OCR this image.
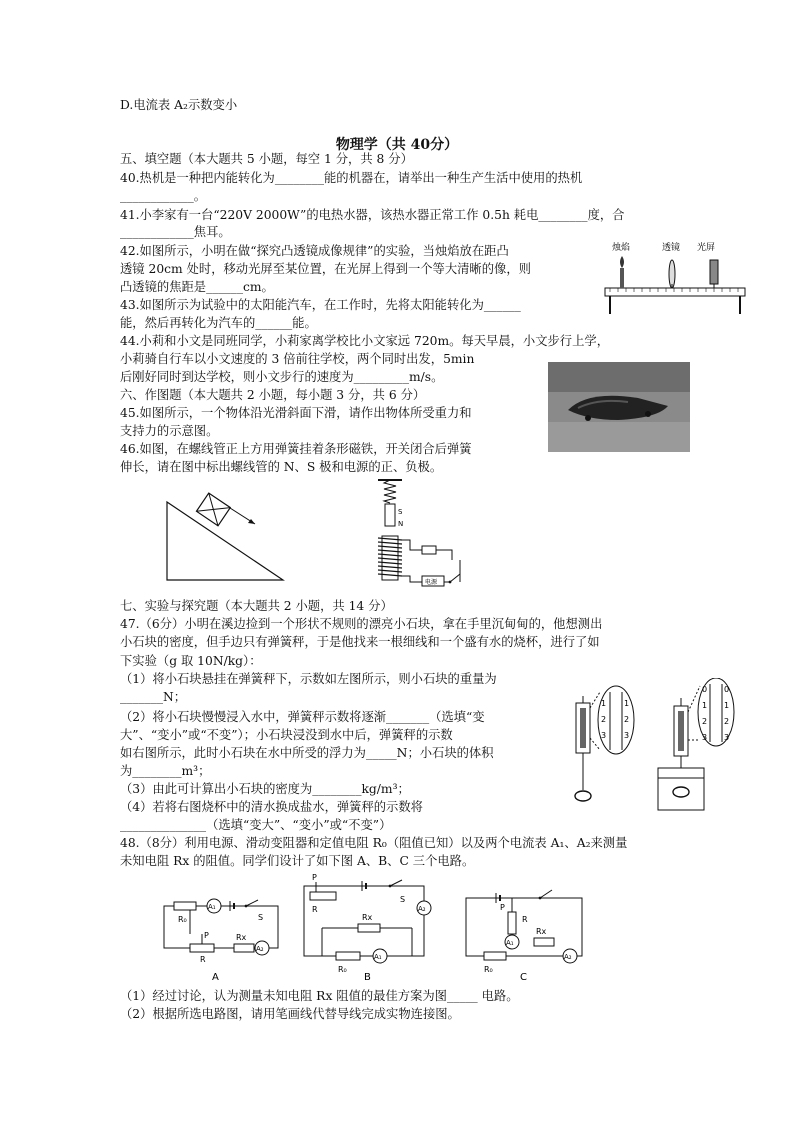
D.电流表 A₂示数变小
物理学（共 40分）
五、填空题（本大题共 5 小题，每空 1 分，共 8 分）
40.热机是一种把内能转化为________能的机器在，请举出一种生产生活中使用的热机
____________。
41.小李家有一台“220V 2000W”的电热水器，该热水器正常工作 0.5h 耗电________度，合
____________焦耳。
42.如图所示，小明在做“探究凸透镜成像规律”的实验，当烛焰放在距凸
透镜 20cm 处时，移动光屏至某位置，在光屏上得到一个等大清晰的像，则
凸透镜的焦距是______cm。
43.如图所示为试验中的太阳能汽车，在工作时，先将太阳能转化为______
能，然后再转化为汽车的______能。
44.小莉和小文是同班同学，小莉家离学校比小文家远 720m。每天早晨，小文步行上学，
小莉骑自行车以小文速度的 3 倍前往学校，两个同时出发，5min
后刚好同时到达学校，则小文步行的速度为_________m/s。
六、作图题（本大题共 2 小题，每小题 3 分，共 6 分）
45.如图所示，一个物体沿光滑斜面下滑，请作出物体所受重力和
支持力的示意图。
46.如图，在螺线管正上方用弹簧挂着条形磁铁，开关闭合后弹簧
伸长，请在图中标出螺线管的 N、S 极和电源的正、负极。
七、实验与探究题（本大题共 2 小题，共 14 分）
47.（6分）小明在溪边捡到一个形状不规则的漂亮小石块，拿在手里沉甸甸的，他想测出
小石块的密度，但手边只有弹簧秤，于是他找来一根细线和一个盛有水的烧杯，进行了如
下实验（g 取 10N/kg）：
（1）将小石块悬挂在弹簧秤下，示数如左图所示，则小石块的重量为
_______N；
（2）将小石块慢慢浸入水中，弹簧秤示数将逐渐_______（选填“变
大”、“变小”或“不变”）；小石块浸没到水中后，弹簧秤的示数
如右图所示，此时小石块在水中所受的浮力为_____N；小石块的体积
为________m³；
（3）由此可计算出小石块的密度为________kg/m³；
（4）若将右图烧杯中的清水换成盐水，弹簧秤的示数将
______________（选填“变大”、“变小”或“不变”）
48.（8分）利用电源、滑动变阻器和定值电阻 R₀（阻值已知）以及两个电流表 A₁、A₂来测量
未知电阻 Rx 的阻值。同学们设计了如下图 A、B、C 三个电路。
（1）经过讨论，认为测量未知电阻 Rx 阻值的最佳方案为图_____ 电路。
（2）根据所选电路图，请用笔画线代替导线完成实物连接图。
烛焰	透镜 光屏
S
N
电源
1
2
3
1
2
3
0
1
2
3
0
1
2
3
R₀
A₁
S
P
R
Rx
A₂
A
P
R
S
A₂
Rx
R₀
A₁
B
P
R
A₁
Rx
R₀
A₂
C
